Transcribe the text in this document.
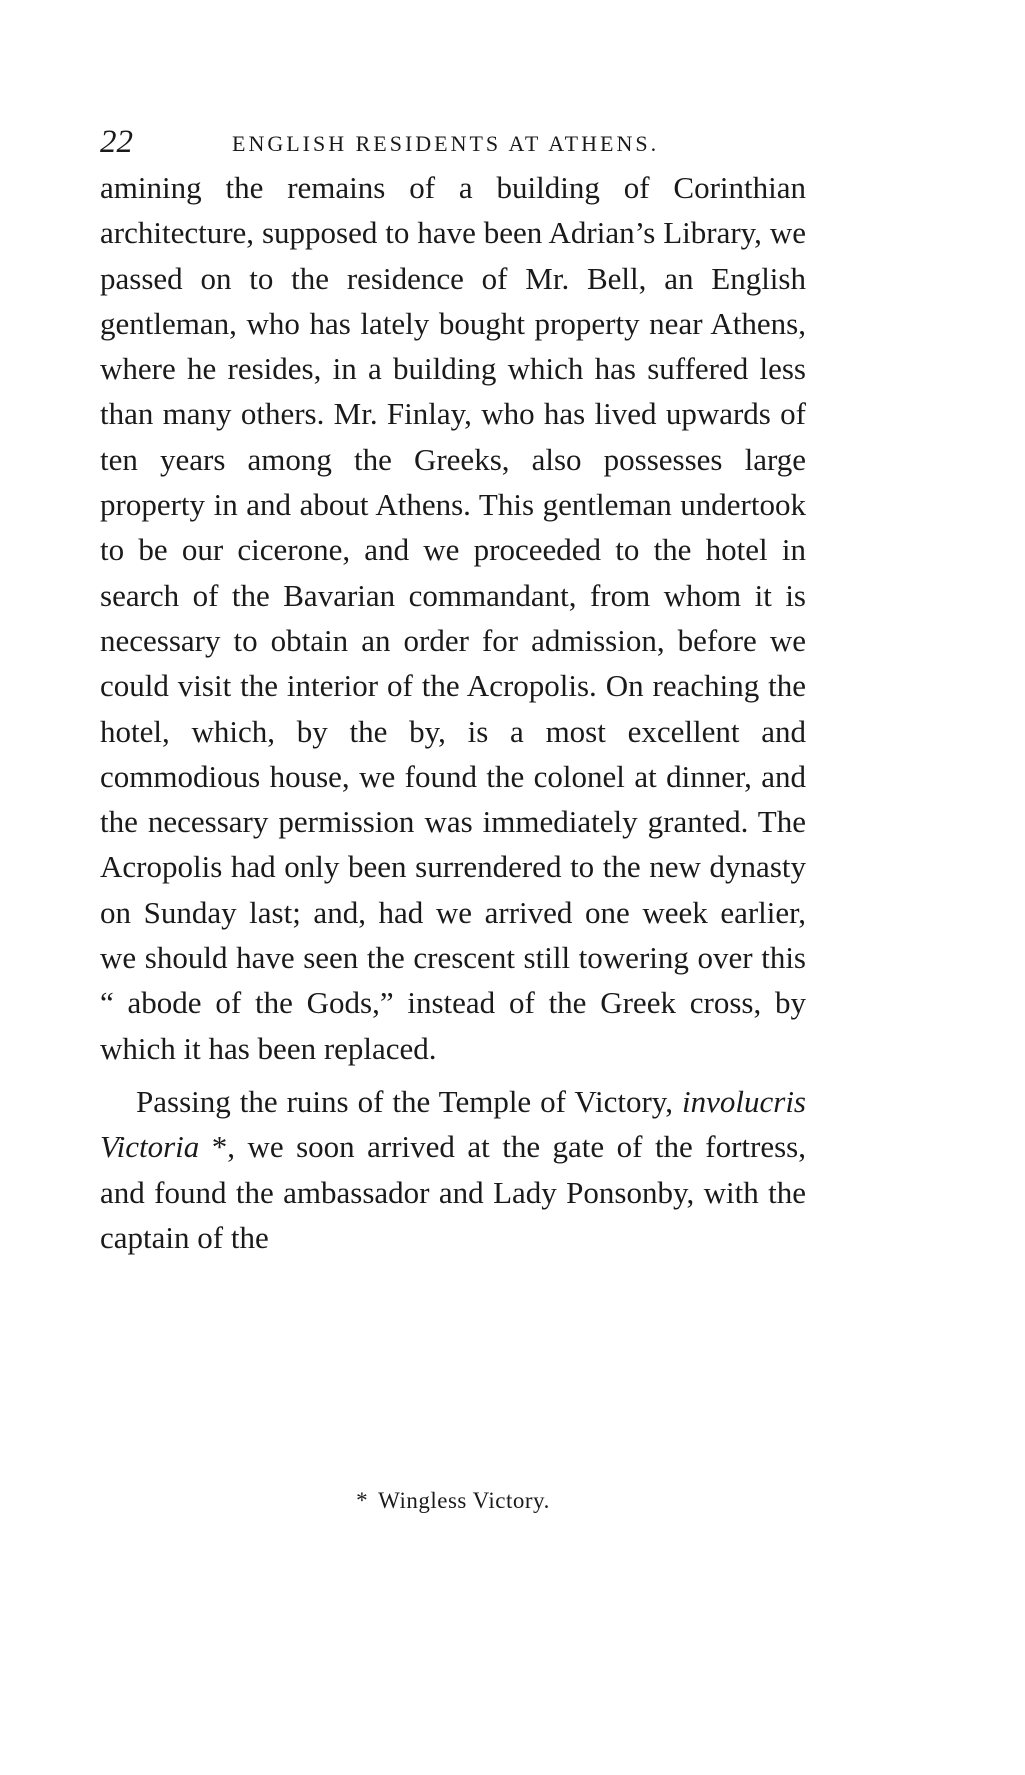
22	ENGLISH RESIDENTS AT ATHENS.

amining the remains of a building of Corinthian architecture, supposed to have been Adrian’s Library, we passed on to the residence of Mr. Bell, an English gentleman, who has lately bought property near Athens, where he resides, in a building which has suffered less than many others. Mr. Finlay, who has lived upwards of ten years among the Greeks, also possesses large property in and about Athens. This gentleman undertook to be our cicerone, and we proceeded to the hotel in search of the Bavarian commandant, from whom it is necessary to obtain an order for admission, before we could visit the interior of the Acropolis. On reaching the hotel, which, by the by, is a most excellent and commodious house, we found the colonel at dinner, and the necessary permission was immediately granted. The Acropolis had only been surrendered to the new dynasty on Sunday last; and, had we arrived one week earlier, we should have seen the crescent still towering over this “ abode of the Gods,” instead of the Greek cross, by which it has been replaced.

Passing the ruins of the Temple of Victory, involucris Victoria *, we soon arrived at the gate of the fortress, and found the ambassador and Lady Ponsonby, with the captain of the

* Wingless Victory.
